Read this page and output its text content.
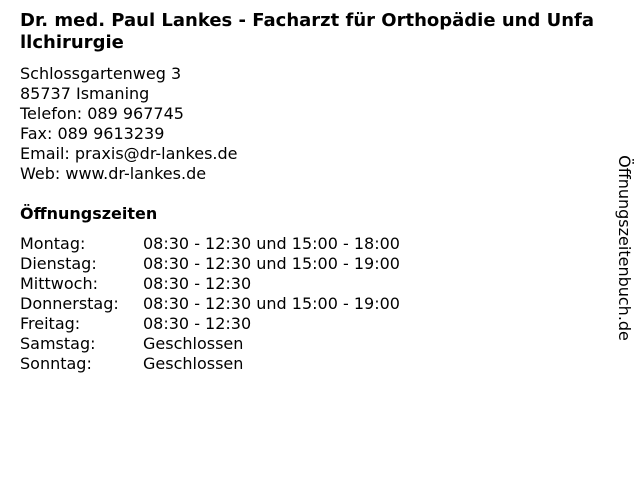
Dr. med. Paul Lankes - Facharzt für Orthopädie und Unfallchirurgie
Schlossgartenweg 3
85737 Ismaning
Telefon: 089 967745
Fax: 089 9613239
Email: praxis@dr-lankes.de
Web: www.dr-lankes.de
Öffnungszeiten
Montag:	08:30 - 12:30 und 15:00 - 18:00
Dienstag:	08:30 - 12:30 und 15:00 - 19:00
Mittwoch:	08:30 - 12:30
Donnerstag:	08:30 - 12:30 und 15:00 - 19:00
Freitag:	08:30 - 12:30
Samstag:	Geschlossen
Sonntag:	Geschlossen
Öffnungszeitenbuch.de
